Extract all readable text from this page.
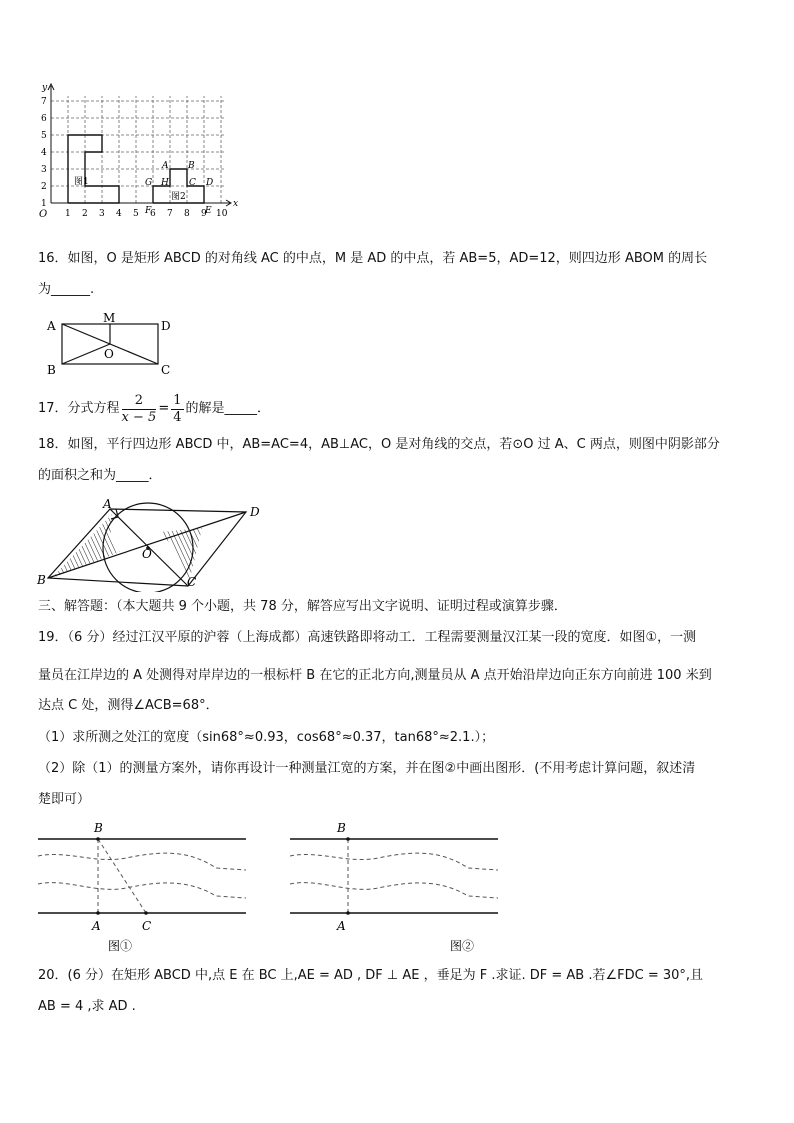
y
x
O
1
2
3
4
5
6
7
1 2 3 4 5 6 7 8 9 10
图1
图2
A B
G H C D
F	E
16．如图，O 是矩形 ABCD 的对角线 AC 的中点，M 是 AD 的中点，若 AB=5，AD=12，则四边形 ABOM 的周长
为______.
A
M
D
O
B	C
17．分式方程 $\frac{2}{x - 5} = \frac{1}{4}$ 的解是_____．
18．如图，平行四边形 ABCD 中，AB=AC=4，AB⊥AC，O 是对角线的交点，若⊙O 过 A、C 两点，则图中阴影部分
的面积之和为_____．
A
D
O
B	C
三、解答题：（本大题共 9 个小题，共 78 分，解答应写出文字说明、证明过程或演算步骤．
19．（6 分）经过江汉平原的沪蓉（上海成都）高速铁路即将动工．工程需要测量汉江某一段的宽度．如图①，一测
量员在江岸边的 A 处测得对岸岸边的一根标杆 B 在它的正北方向,测量员从 A 点开始沿岸边向正东方向前进 100 米到
达点 C 处，测得∠ACB=68°．
（1）求所测之处江的宽度（sin68°≈0.93，cos68°≈0.37，tan68°≈2.1.）；
（2）除（1）的测量方案外，请你再设计一种测量江宽的方案，并在图②中画出图形．(不用考虑计算问题，叙述清
楚即可）
B
A	C
图①
B
A
图②
20．(6 分）在矩形 ABCD 中,点 E 在 BC 上,AE = AD , DF ⊥ AE ，垂足为 F .求证. DF = AB .若∠FDC = 30°,且
AB = 4 ,求 AD .
